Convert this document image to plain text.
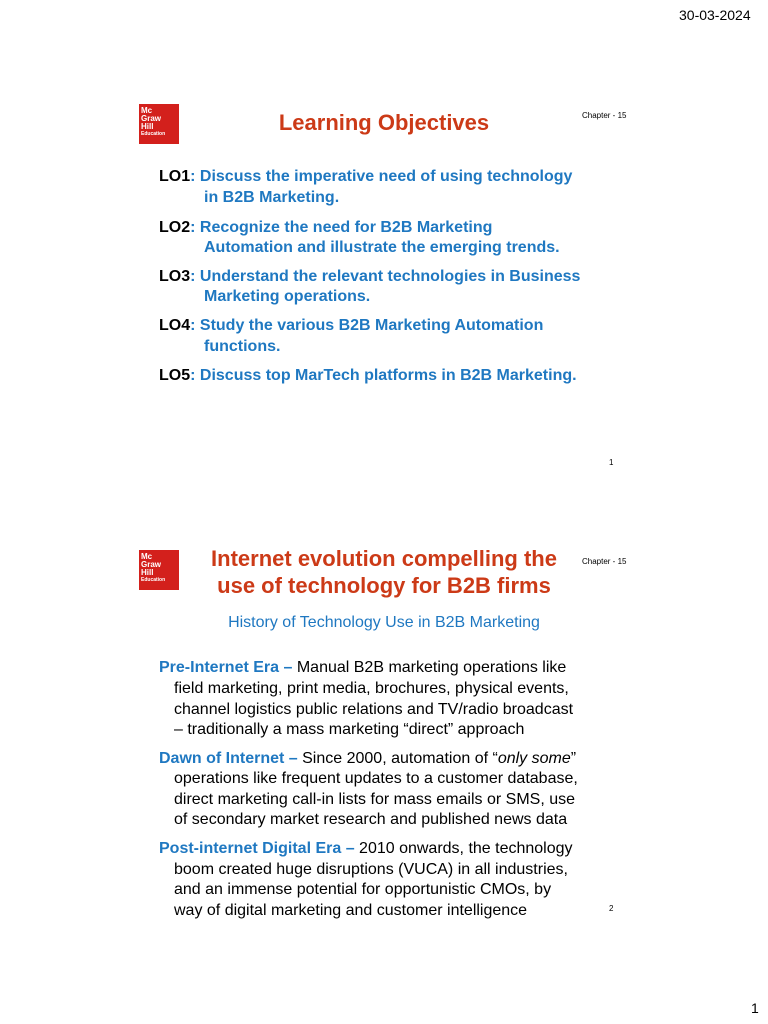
30-03-2024
Mc
Graw
Hill
Education	Learning Objectives	Chapter - 15
LO1: Discuss the imperative need of using technology
in B2B Marketing.
LO2: Recognize the need for B2B Marketing
Automation and illustrate the emerging trends.
LO3: Understand the relevant technologies in Business
Marketing operations.
LO4: Study the various B2B Marketing Automation
functions.
LO5: Discuss top MarTech platforms in B2B Marketing.
1
Mc
Graw
Hill
Education
Internet evolution compelling the
use of technology for B2B firms
Chapter - 15
History of Technology Use in B2B Marketing
Pre-Internet Era – Manual B2B marketing operations like
field marketing, print media, brochures, physical events,
channel logistics public relations and TV/radio broadcast
– traditionally a mass marketing “direct” approach
Dawn of Internet – Since 2000, automation of “only some”
operations like frequent updates to a customer database,
direct marketing call-in lists for mass emails or SMS, use
of secondary market research and published news data
Post-internet Digital Era – 2010 onwards, the technology
boom created huge disruptions (VUCA) in all industries,
and an immense potential for opportunistic CMOs, by
way of digital marketing and customer intelligence	2
1
